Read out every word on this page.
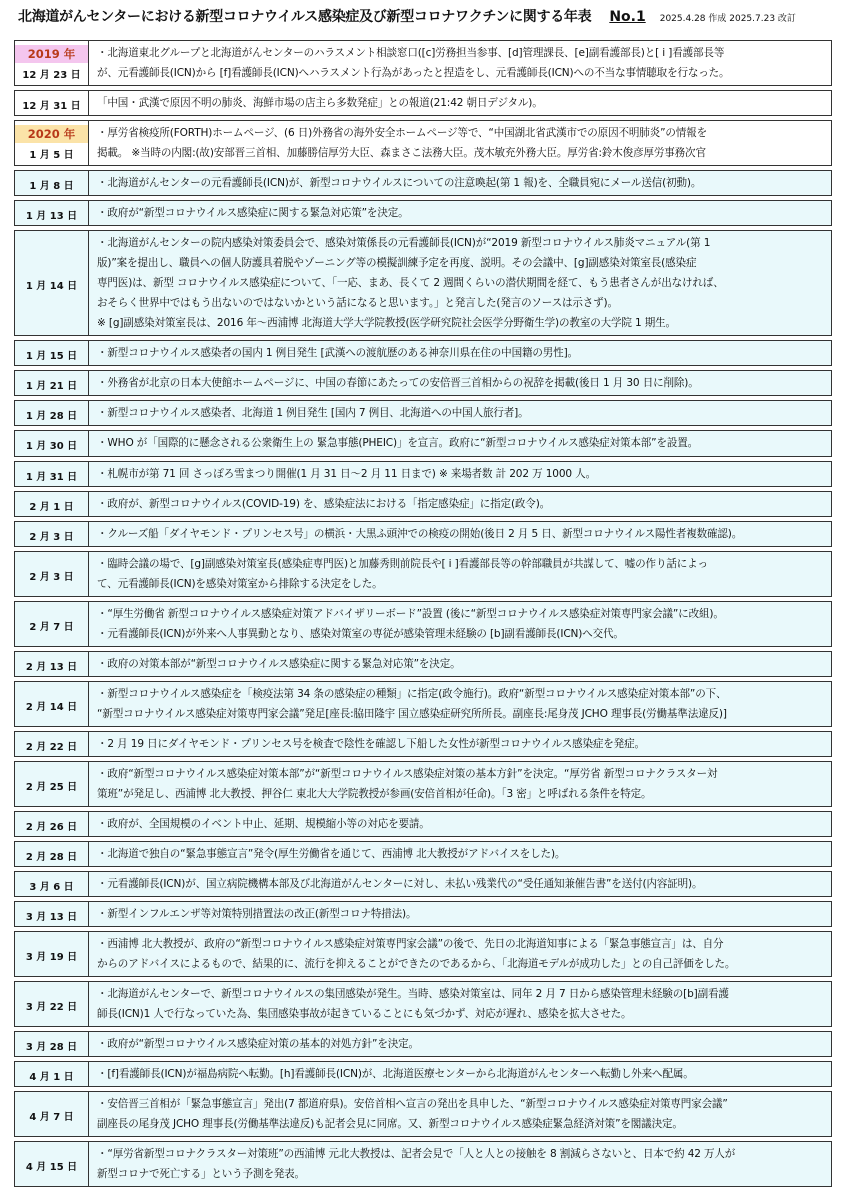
北海道がんセンターにおける新型コロナウイルス感染症及び新型コロナワクチンに関する年表 No.1 2025.4.28 作成 2025.7.23 改訂
2019 年
12 月 23 日
・北海道東北グループと北海道がんセンターのハラスメント相談窓口([c]労務担当参事、[d]管理課長、[e]副看護部長)と[ i ]看護部長等
が、元看護師長(ICN)から [f]看護師長(ICN)へハラスメント行為があったと捏造をし、元看護師長(ICN)への不当な事情聴取を行なった。
12 月 31 日 「中国・武漢で原因不明の肺炎、海鮮市場の店主ら多数発症」との報道(21:42 朝日デジタル)。
2020 年
1 月 5 日
・厚労省検疫所(FORTH)ホームページ、(6 日)外務省の海外安全ホームページ等で、“中国湖北省武漢市での原因不明肺炎”の情報を
掲載。 ※当時の内閣:(故)安部晋三首相、加藤勝信厚労大臣、森まさこ法務大臣。茂木敏充外務大臣。厚労省:鈴木俊彦厚労事務次官
1 月 8 日 ・北海道がんセンターの元看護師長(ICN)が、新型コロナウイルスについての注意喚起(第 1 報)を、全職員宛にメール送信(初動)。
1 月 13 日 ・政府が“新型コロナウイルス感染症に関する緊急対応策”を決定。
1 月 14 日
・北海道がんセンターの院内感染対策委員会で、感染対策係長の元看護師長(ICN)が“2019 新型コロナウイルス肺炎マニュアル(第 1
版)”案を提出し、職員への個人防護具着脱やゾーニング等の模擬訓練予定を再度、説明。その会議中、[g]副感染対策室長(感染症
専門医)は、新型 コロナウイルス感染症について、「一応、まあ、長くて 2 週間くらいの潜伏期間を経て、もう患者さんが出なければ、
おそらく世界中ではもう出ないのではないかという話になると思います。」と発言した(発言のソースは示さず)。
※ [g]副感染対策室長は、2016 年～西浦博 北海道大学大学院教授(医学研究院社会医学分野衛生学)の教室の大学院 1 期生。
1 月 15 日 ・新型コロナウイルス感染者の国内 1 例目発生 [武漢への渡航歴のある神奈川県在住の中国籍の男性]。
1 月 21 日 ・外務省が北京の日本大使館ホームページに、中国の春節にあたっての安倍晋三首相からの祝辞を掲載(後日 1 月 30 日に削除)。
1 月 28 日 ・新型コロナウイルス感染者、北海道 1 例目発生 [国内 7 例目、北海道への中国人旅行者]。
1 月 30 日 ・WHO が「国際的に懸念される公衆衛生上の 緊急事態(PHEIC)」を宣言。政府に“新型コロナウイルス感染症対策本部”を設置。
1 月 31 日 ・札幌市が第 71 回 さっぽろ雪まつり開催(1 月 31 日～2 月 11 日まで) ※ 来場者数 計 202 万 1000 人。
2 月 1 日 ・政府が、新型コロナウイルス(COVID-19) を、感染症法における「指定感染症」に指定(政令)。
2 月 3 日 ・クルーズ船「ダイヤモンド・プリンセス号」の横浜・大黒ふ頭沖での検疫の開始(後日 2 月 5 日、新型コロナウイルス陽性者複数確認)。
2 月 3 日
・臨時会議の場で、[g]副感染対策室長(感染症専門医)と加藤秀則前院長や[ i ]看護部長等の幹部職員が共謀して、嘘の作り話によっ
て、元看護師長(ICN)を感染対策室から排除する決定をした。
2 月 7 日
・“厚生労働省 新型コロナウイルス感染症対策アドバイザリーボード”設置 (後に“新型コロナウイルス感染症対策専門家会議”に改組)。
・元看護師長(ICN)が外来へ人事異動となり、感染対策室の専従が感染管理未経験の [b]副看護師長(ICN)へ交代。
2 月 13 日 ・政府の対策本部が“新型コロナウイルス感染症に関する緊急対応策”を決定。
2 月 14 日
・新型コロナウイルス感染症を「検疫法第 34 条の感染症の種類」に指定(政令施行)。政府“新型コロナウイルス感染症対策本部”の下、
“新型コロナウイルス感染症対策専門家会議”発足[座長:脇田隆宇 国立感染症研究所所長。副座長:尾身茂 JCHO 理事長(労働基準法違反)]
2 月 22 日 ・2 月 19 日にダイヤモンド・プリンセス号を検査で陰性を確認し下船した女性が新型コロナウイルス感染症を発症。
2 月 25 日
・政府“新型コロナウイルス感染症対策本部”が“新型コロナウイルス感染症対策の基本方針”を決定。“厚労省 新型コロナクラスター対
策班”が発足し、西浦博 北大教授、押谷仁 東北大大学院教授が参画(安倍首相が任命)。「3 密」と呼ばれる条件を特定。
2 月 26 日 ・政府が、全国規模のイベント中止、延期、規模縮小等の対応を要請。
2 月 28 日 ・北海道で独自の“緊急事態宣言”発令(厚生労働省を通じて、西浦博 北大教授がアドバイスをした)。
3 月 6 日 ・元看護師長(ICN)が、国立病院機構本部及び北海道がんセンターに対し、未払い残業代の“受任通知兼催告書”を送付(内容証明)。
3 月 13 日 ・新型インフルエンザ等対策特別措置法の改正(新型コロナ特措法)。
3 月 19 日
・西浦博 北大教授が、政府の“新型コロナウイルス感染症対策専門家会議”の後で、先日の北海道知事による「緊急事態宣言」は、自分
からのアドバイスによるもので、結果的に、流行を抑えることができたのであるから、「北海道モデルが成功した」との自己評価をした。
3 月 22 日
・北海道がんセンターで、新型コロナウイルスの集団感染が発生。当時、感染対策室は、同年 2 月 7 日から感染管理未経験の[b]副看護
師長(ICN)1 人で行なっていた為、集団感染事故が起きていることにも気づかず、対応が遅れ、感染を拡大させた。
3 月 28 日 ・政府が“新型コロナウイルス感染症対策の基本的対処方針”を決定。
4 月 1 日 ・[f]看護師長(ICN)が福島病院へ転勤。[h]看護師長(ICN)が、北海道医療センターから北海道がんセンターへ転勤し外来へ配属。
4 月 7 日
・安倍晋三首相が「緊急事態宣言」発出(7 都道府県)。安倍首相へ宣言の発出を具申した、“新型コロナウイルス感染症対策専門家会議”
副座長の尾身茂 JCHO 理事長(労働基準法違反)も記者会見に同席。又、新型コロナウイルス感染症緊急経済対策”を閣議決定。
4 月 15 日
・“厚労省新型コロナクラスター対策班”の西浦博 元北大教授は、記者会見で「人と人との接触を 8 割減らさないと、日本で約 42 万人が
新型コロナで死亡する」という予測を発表。
